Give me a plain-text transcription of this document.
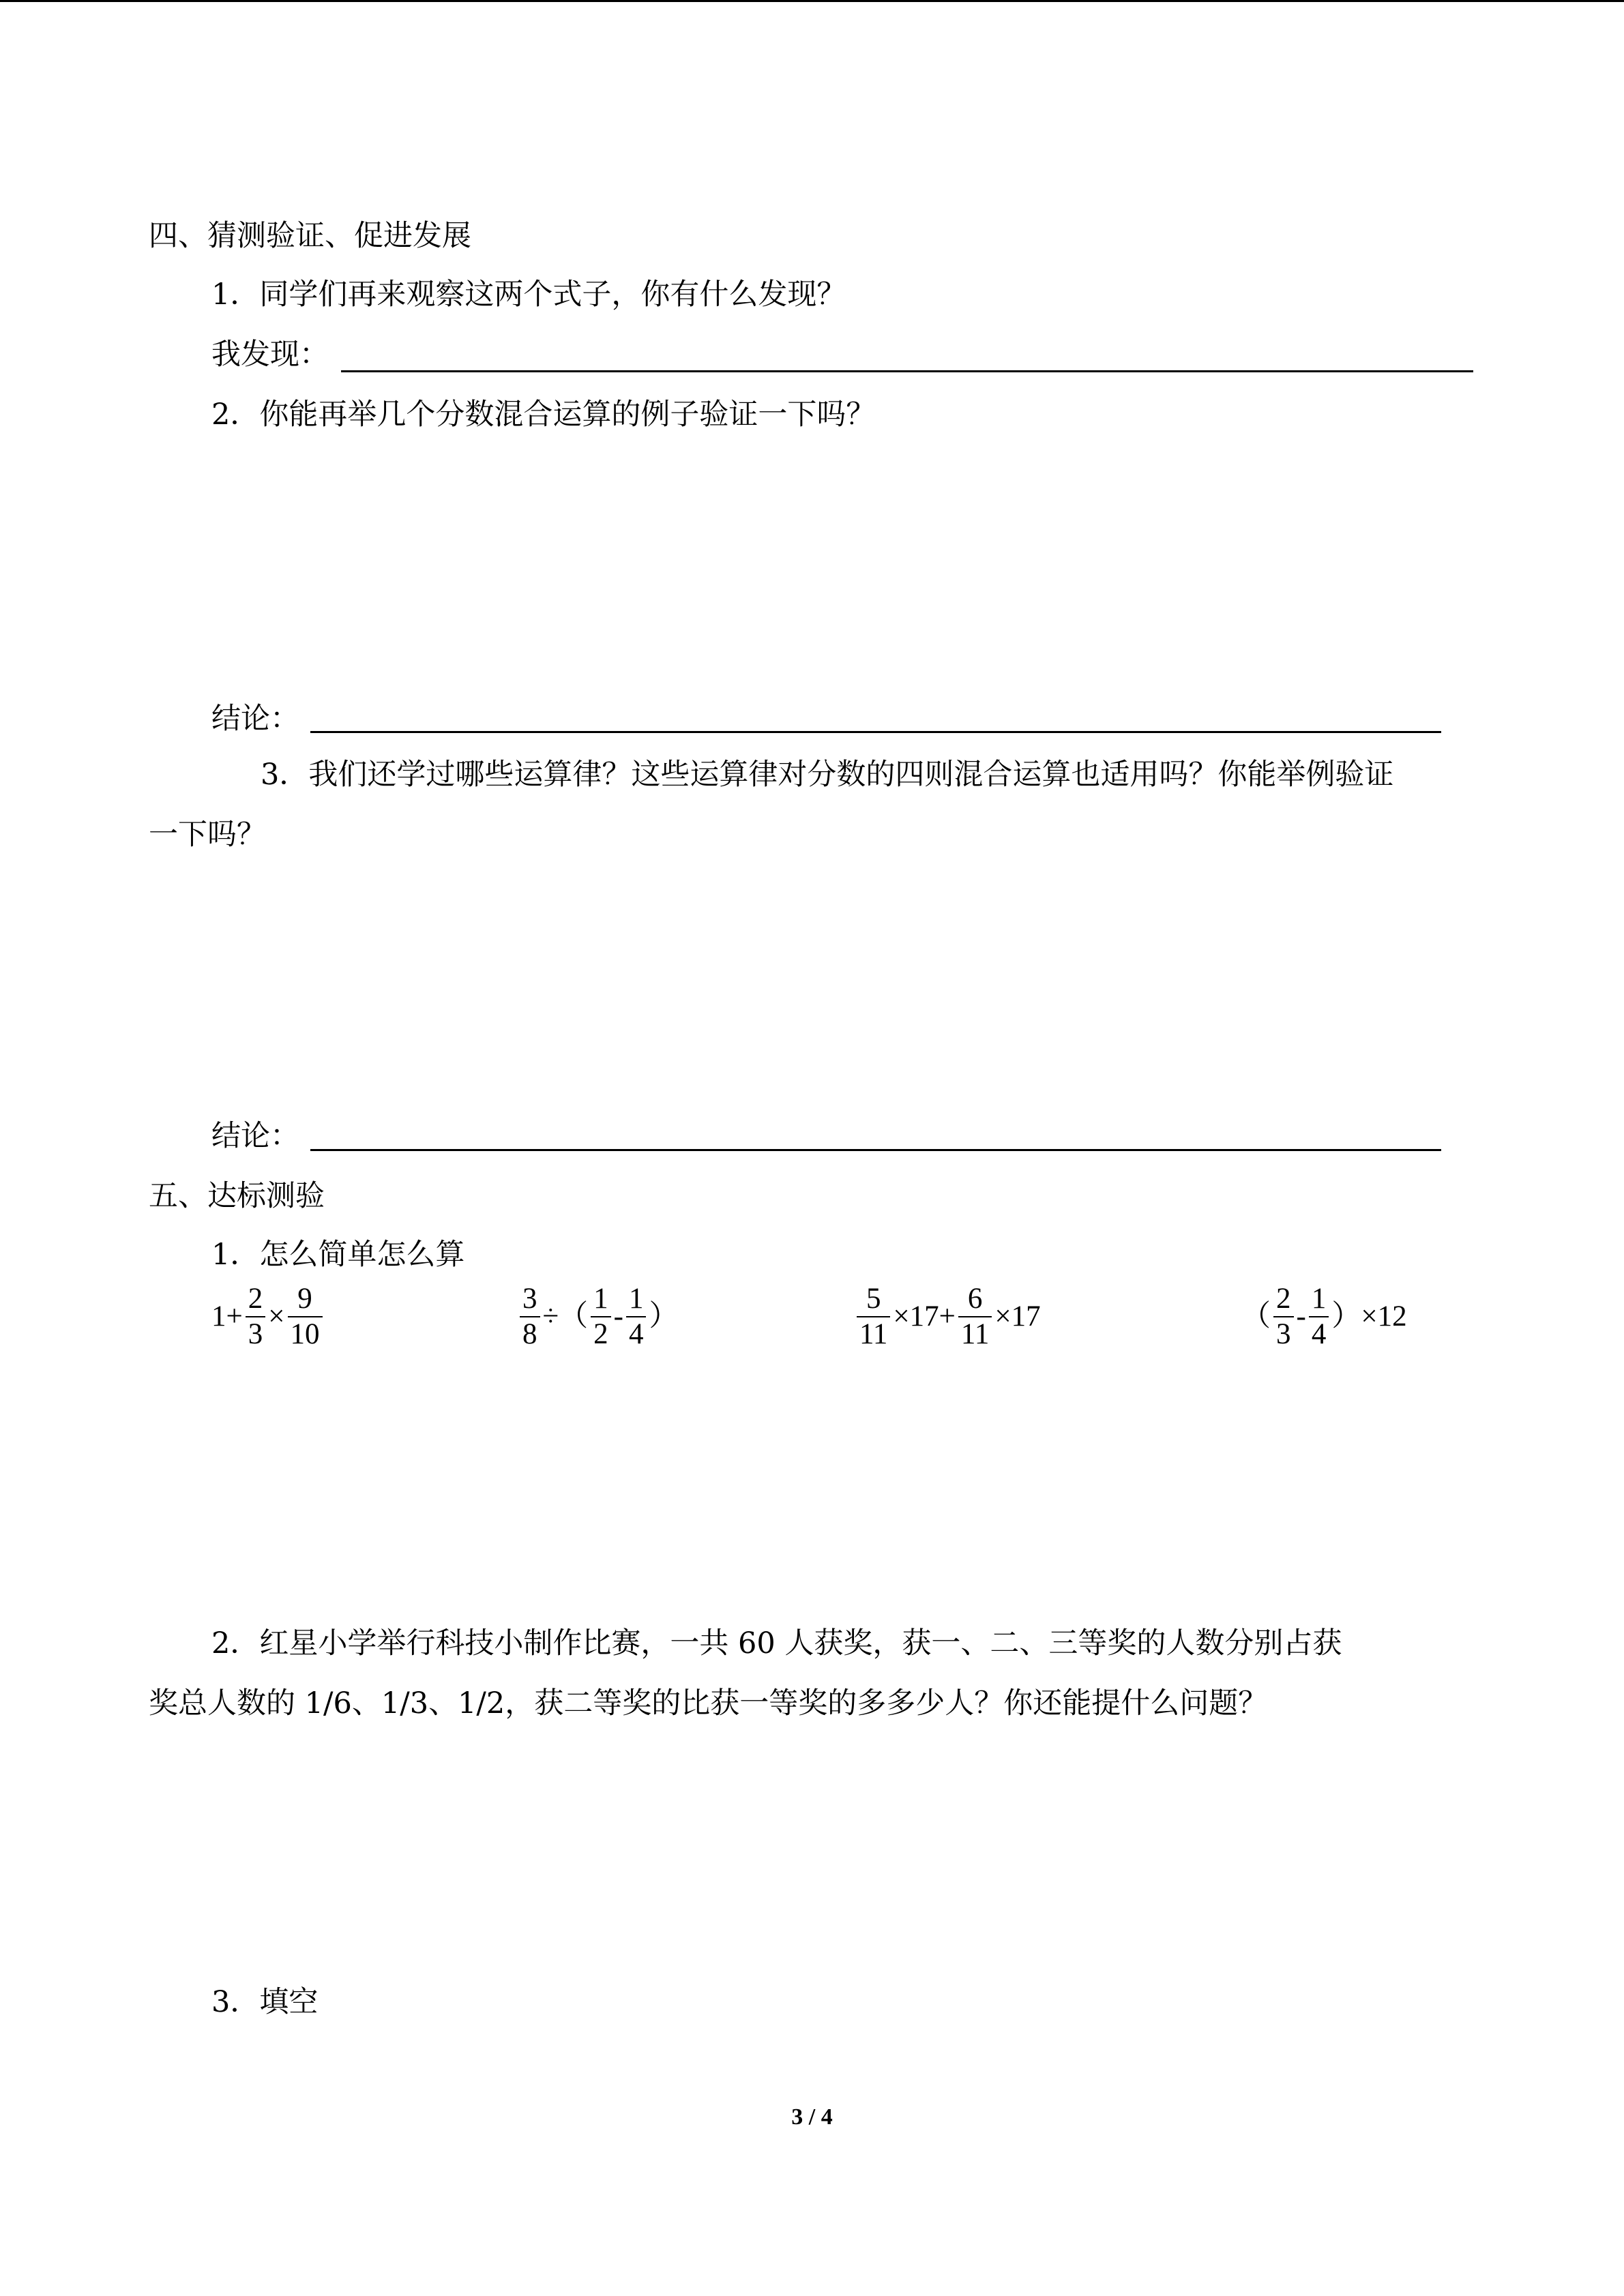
四、猜测验证、促进发展
1．同学们再来观察这两个式子，你有什么发现？
我发现：
2．你能再举几个分数混合运算的例子验证一下吗？
结论：
3．我们还学过哪些运算律？这些运算律对分数的四则混合运算也适用吗？你能举例验证
一下吗？
结论：
五、达标测验
1．怎么简单怎么算
$1+ \frac{2}{3} \times \frac{9}{10}$	$\frac{3}{8}$ ÷（ $\frac{1}{2} - \frac{1}{4}$ ）	$\frac{5}{11} \times 17+ \frac{6}{11} \times 17$	（ $\frac{2}{3} - \frac{1}{4} )\times 12$
2．红星小学举行科技小制作比赛，一共 60 人获奖，获一、二、三等奖的人数分别占获
奖总人数的 1/6、1/3、1/2，获二等奖的比获一等奖的多多少人？你还能提什么问题？
3．填空
3 / 4
